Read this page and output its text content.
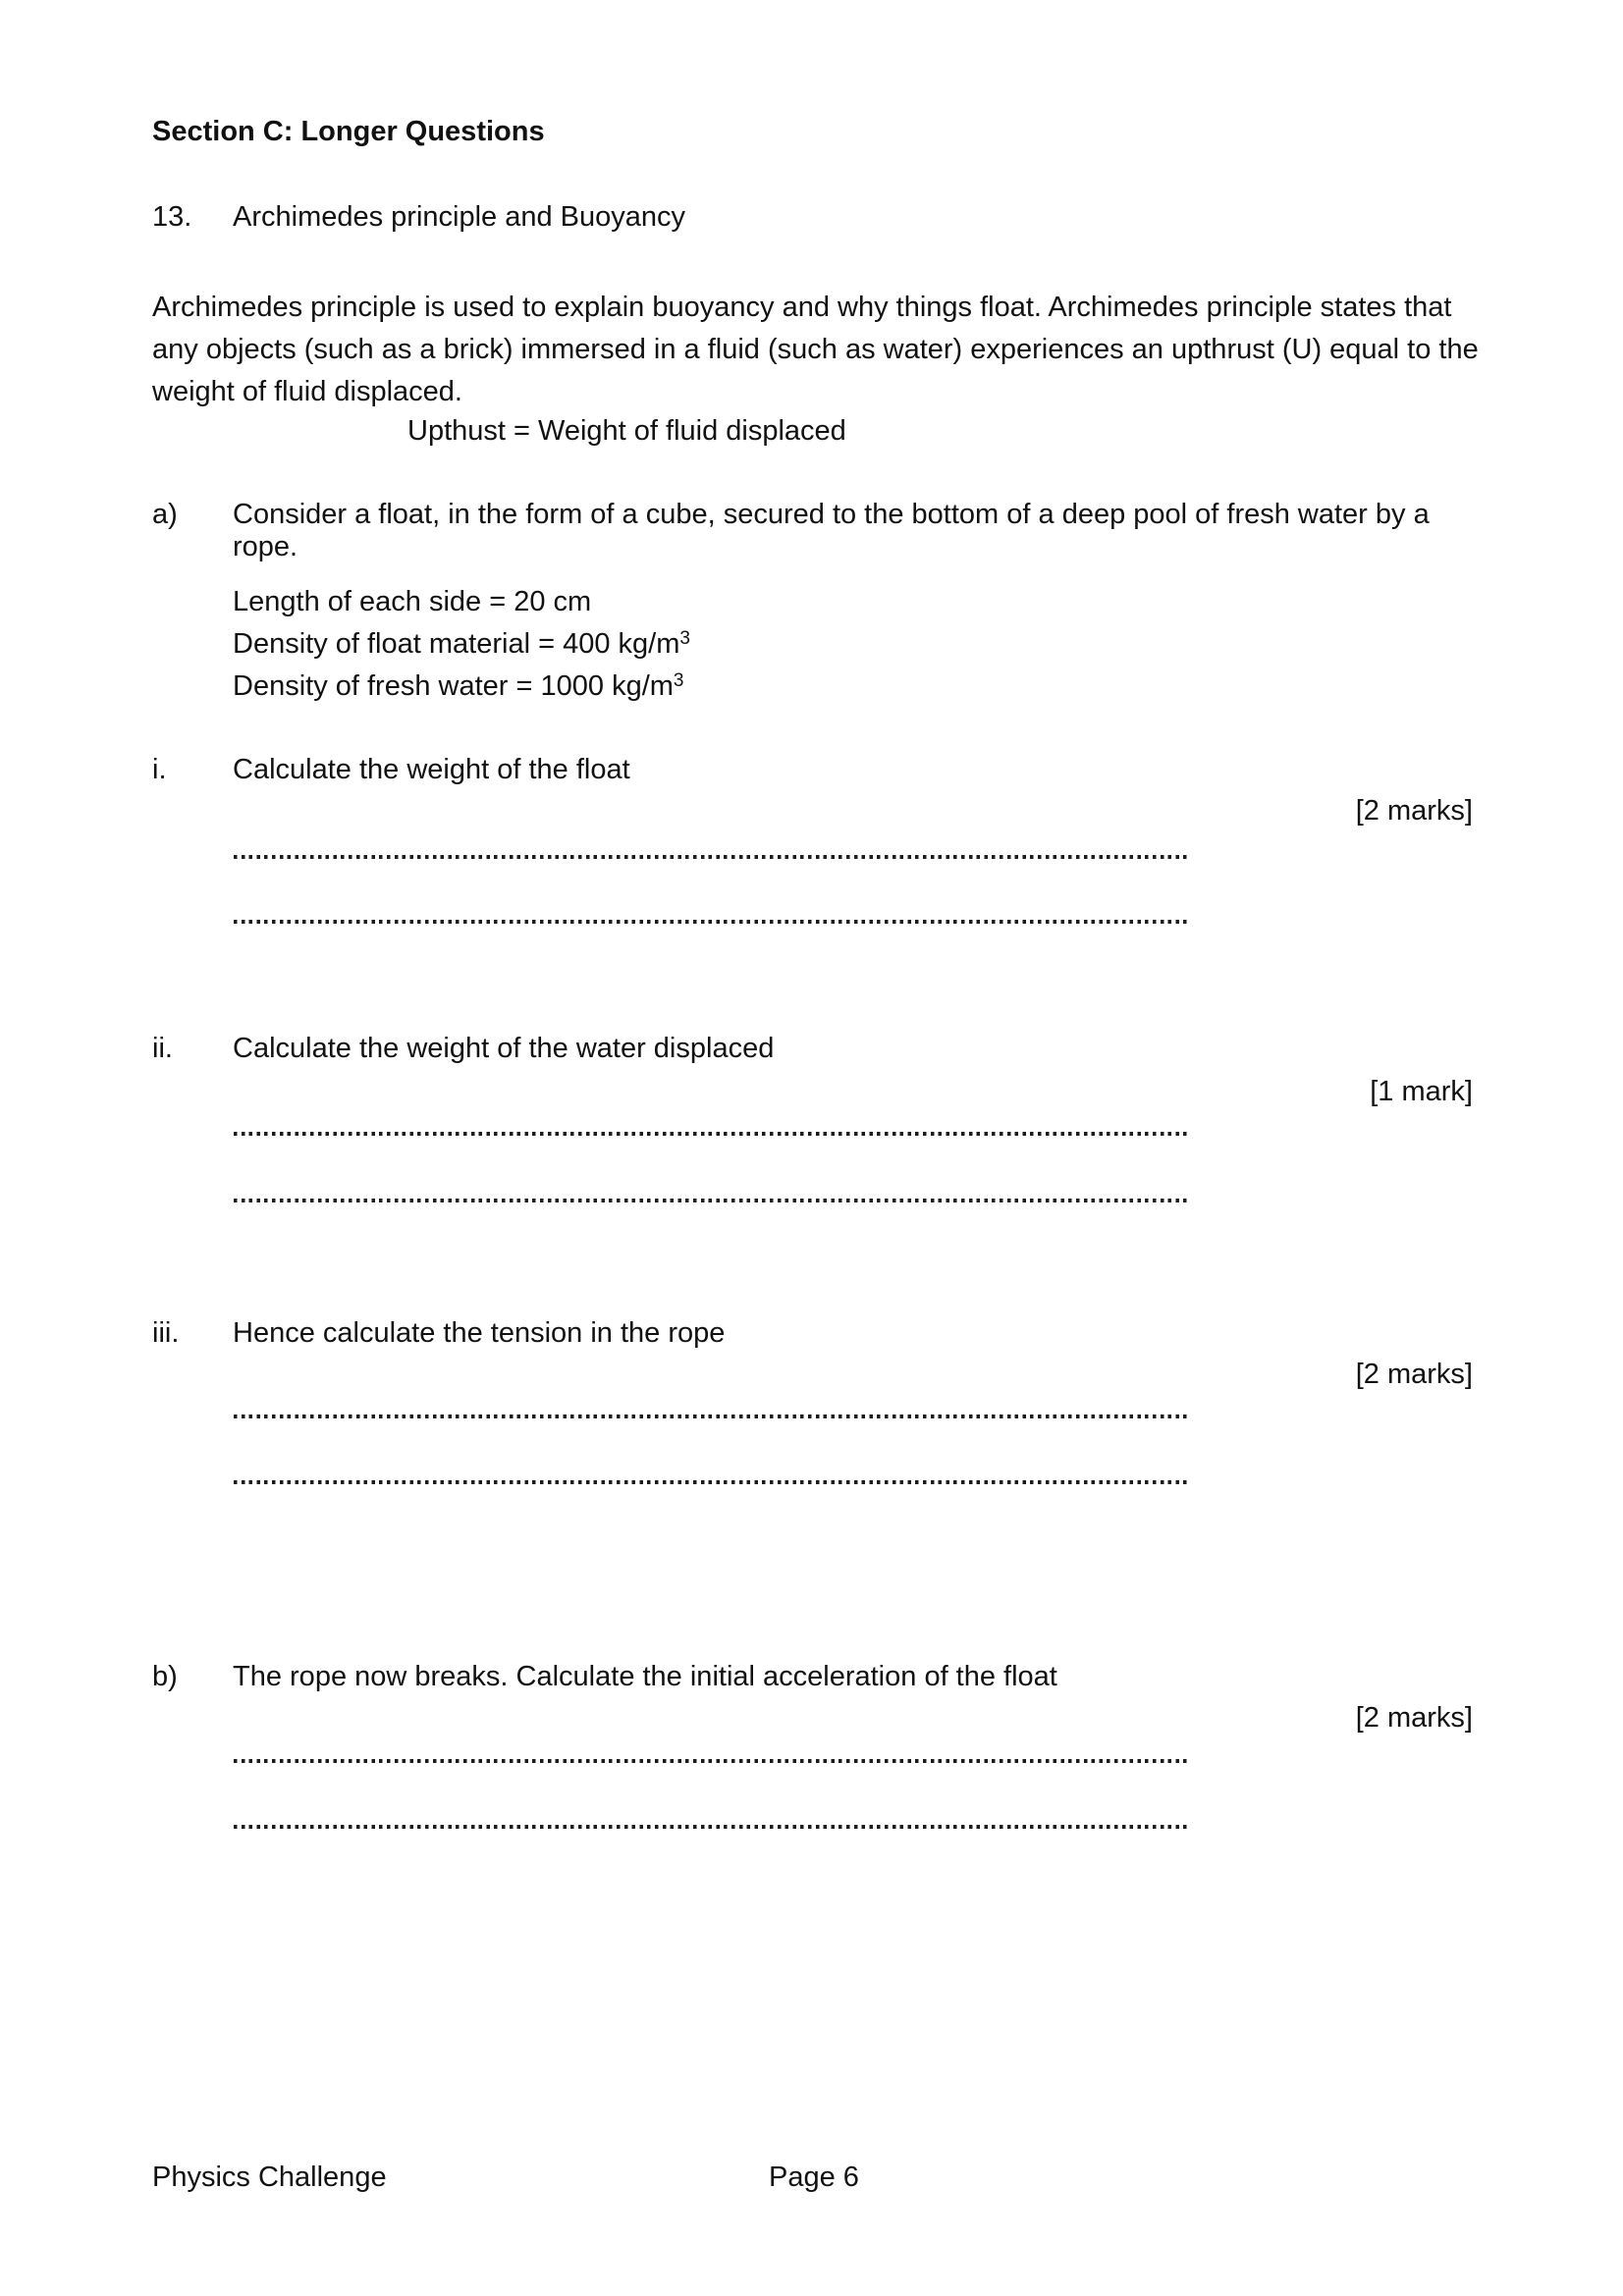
Section C: Longer Questions
13.	Archimedes principle and Buoyancy
Archimedes principle is used to explain buoyancy and why things float. Archimedes principle states that any objects (such as a brick) immersed in a fluid (such as water) experiences an upthrust (U) equal to the weight of fluid displaced.
Upthust = Weight of fluid displaced
a)	Consider a float, in the form of a cube, secured to the bottom of a deep pool of fresh water by a rope.
Length of each side = 20 cm
Density of float material = 400 $kg/m^3$
Density of fresh water = 1000 $kg/m^3$
i.	Calculate the weight of the float
[2 marks]
ii.	Calculate the weight of the water displaced
[1 mark]
iii.	Hence calculate the tension in the rope
[2 marks]
b)	The rope now breaks. Calculate the initial acceleration of the float
[2 marks]
Physics Challenge	Page 6
